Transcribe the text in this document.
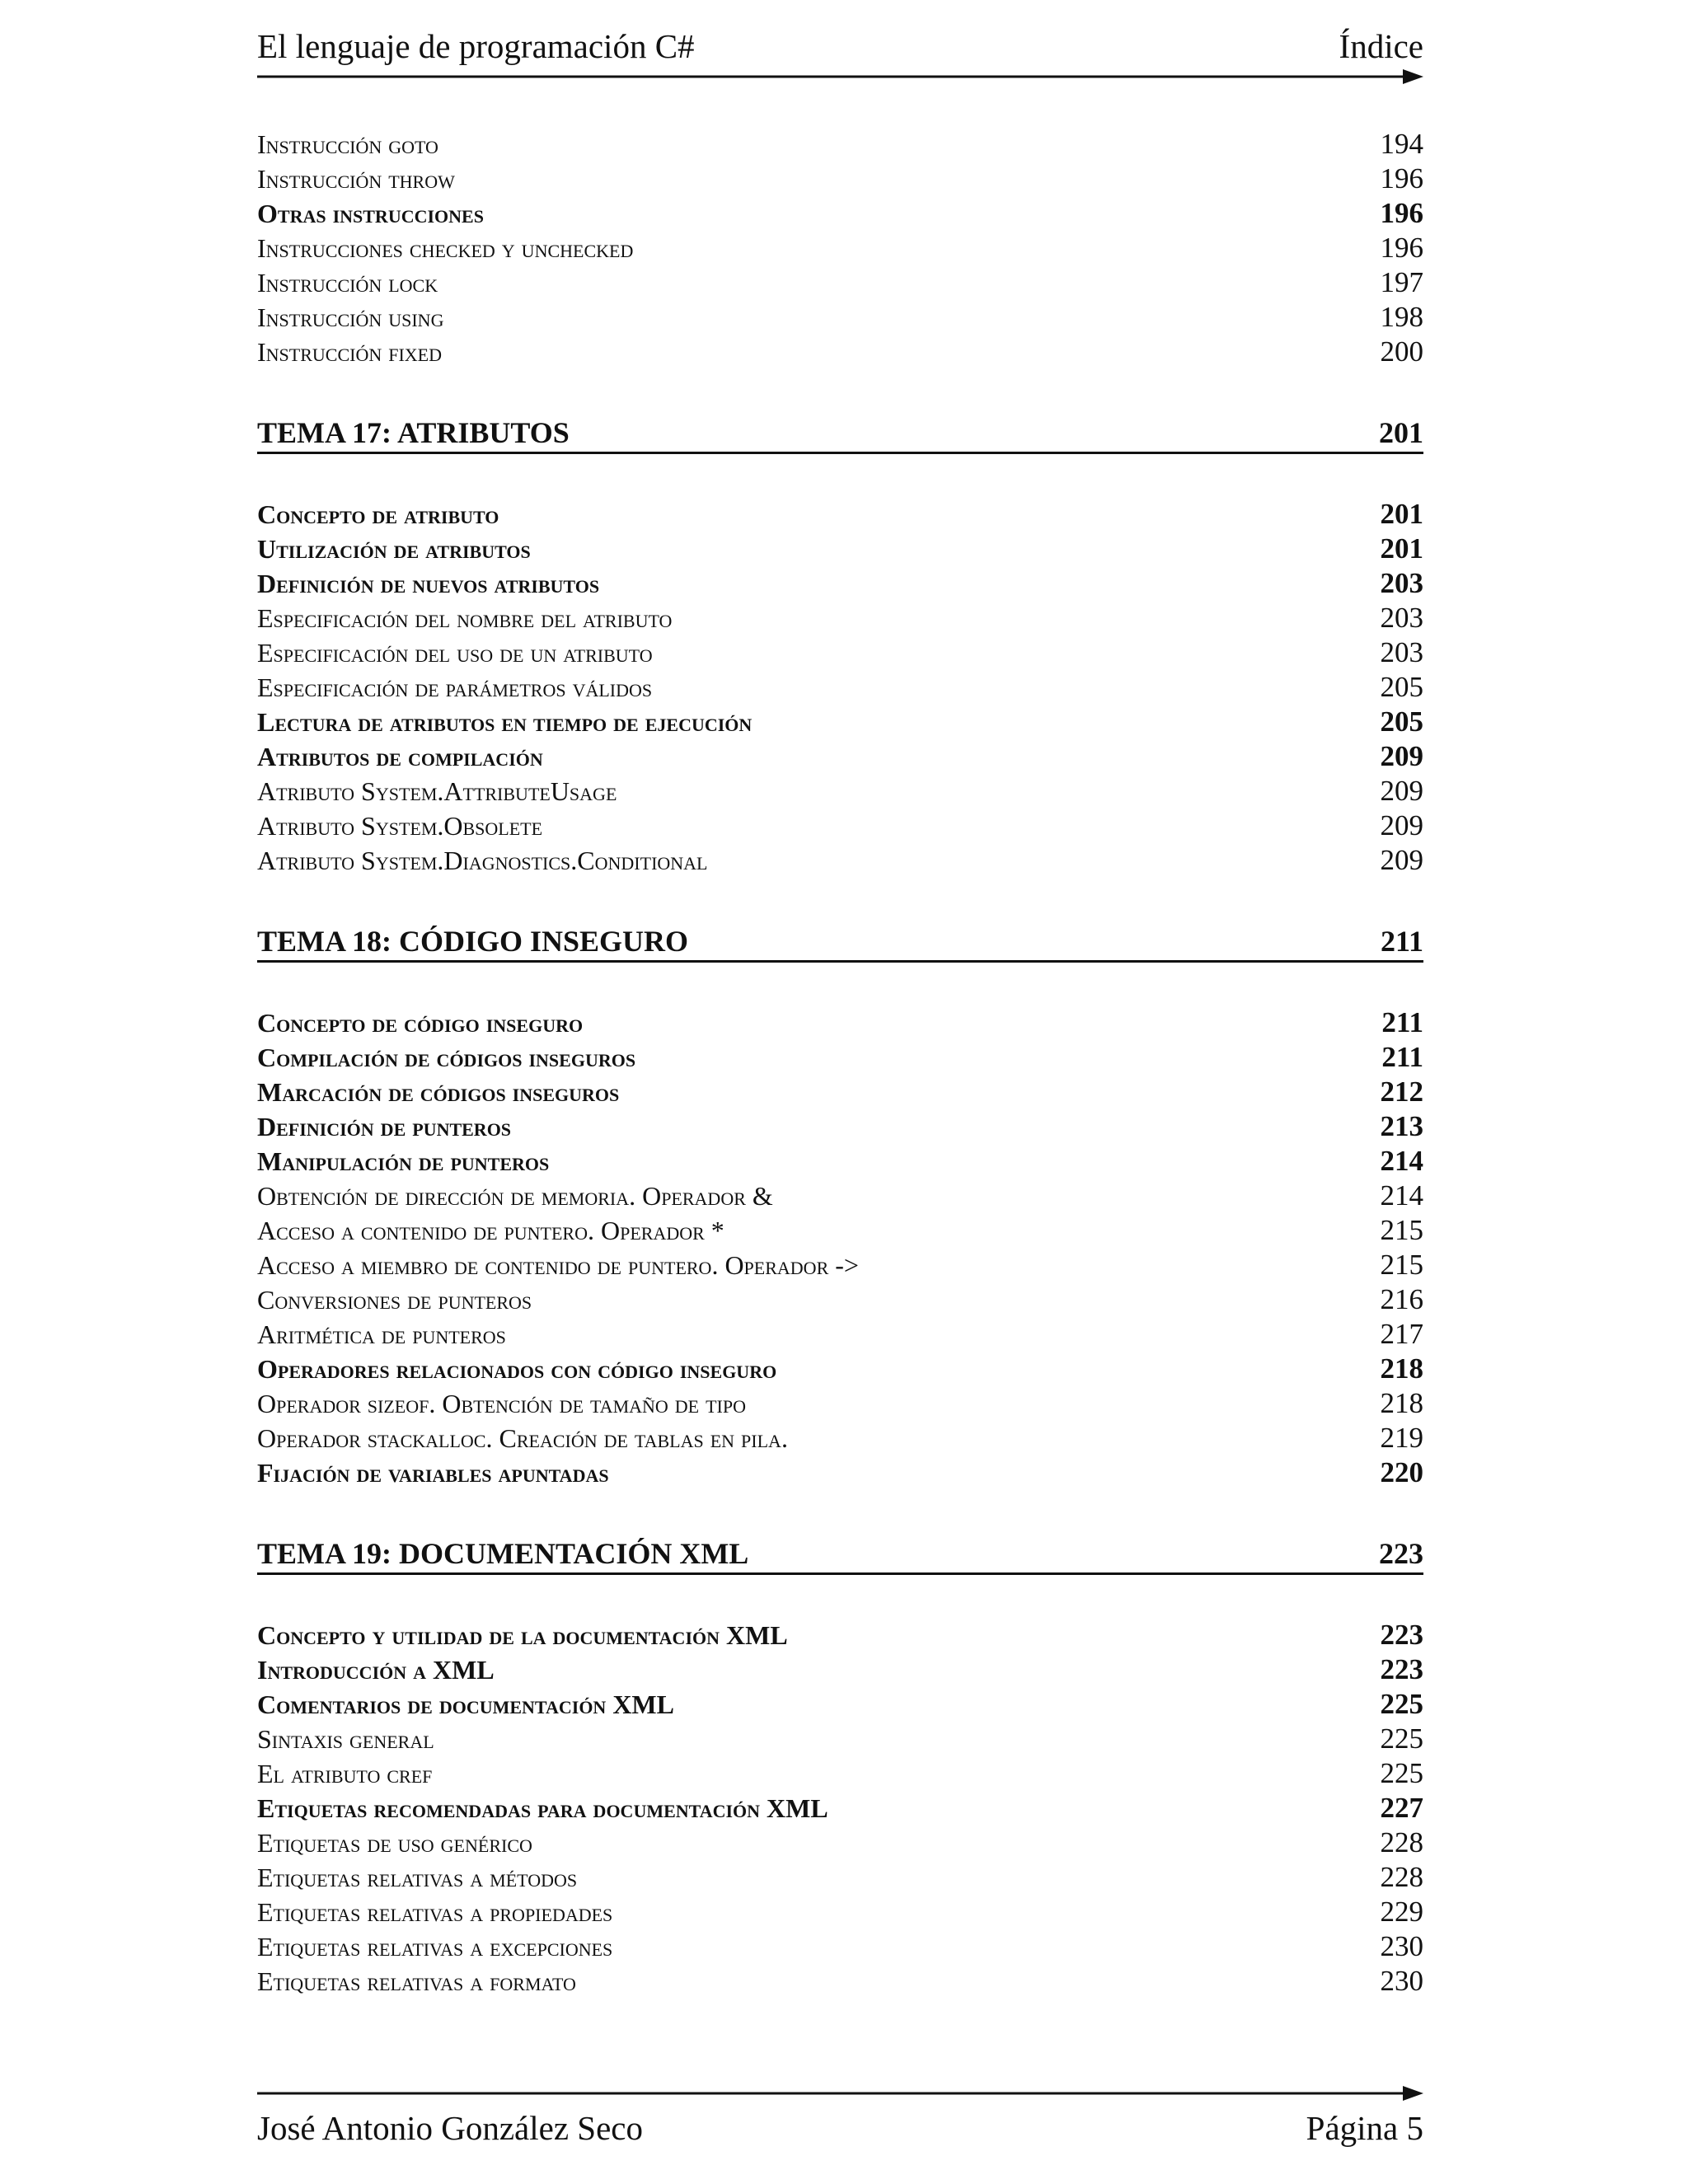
El lenguaje de programación C#	Índice
Instrucción goto	194
Instrucción throw	196
Otras instrucciones	196
Instrucciones checked y unchecked	196
Instrucción lock	197
Instrucción using	198
Instrucción fixed	200
TEMA 17: ATRIBUTOS	201
Concepto de atributo	201
Utilización de atributos	201
Definición de nuevos atributos	203
Especificación del nombre del atributo	203
Especificación del uso de un atributo	203
Especificación de parámetros válidos	205
Lectura de atributos en tiempo de ejecución	205
Atributos de compilación	209
Atributo System.AttributeUsage	209
Atributo System.Obsolete	209
Atributo System.Diagnostics.Conditional	209
TEMA 18: CÓDIGO INSEGURO	211
Concepto de código inseguro	211
Compilación de códigos inseguros	211
Marcación de códigos inseguros	212
Definición de punteros	213
Manipulación de punteros	214
Obtención de dirección de memoria. Operador &	214
Acceso a contenido de puntero. Operador *	215
Acceso a miembro de contenido de puntero. Operador ->	215
Conversiones de punteros	216
Aritmética de punteros	217
Operadores relacionados con código inseguro	218
Operador sizeof. Obtención de tamaño de tipo	218
Operador stackalloc. Creación de tablas en pila.	219
Fijación de variables apuntadas	220
TEMA 19: DOCUMENTACIÓN XML	223
Concepto y utilidad de la documentación XML	223
Introducción a XML	223
Comentarios de documentación XML	225
Sintaxis general	225
El atributo cref	225
Etiquetas recomendadas para documentación XML	227
Etiquetas de uso genérico	228
Etiquetas relativas a métodos	228
Etiquetas relativas a propiedades	229
Etiquetas relativas a excepciones	230
Etiquetas relativas a formato	230
José Antonio González Seco	Página 5
